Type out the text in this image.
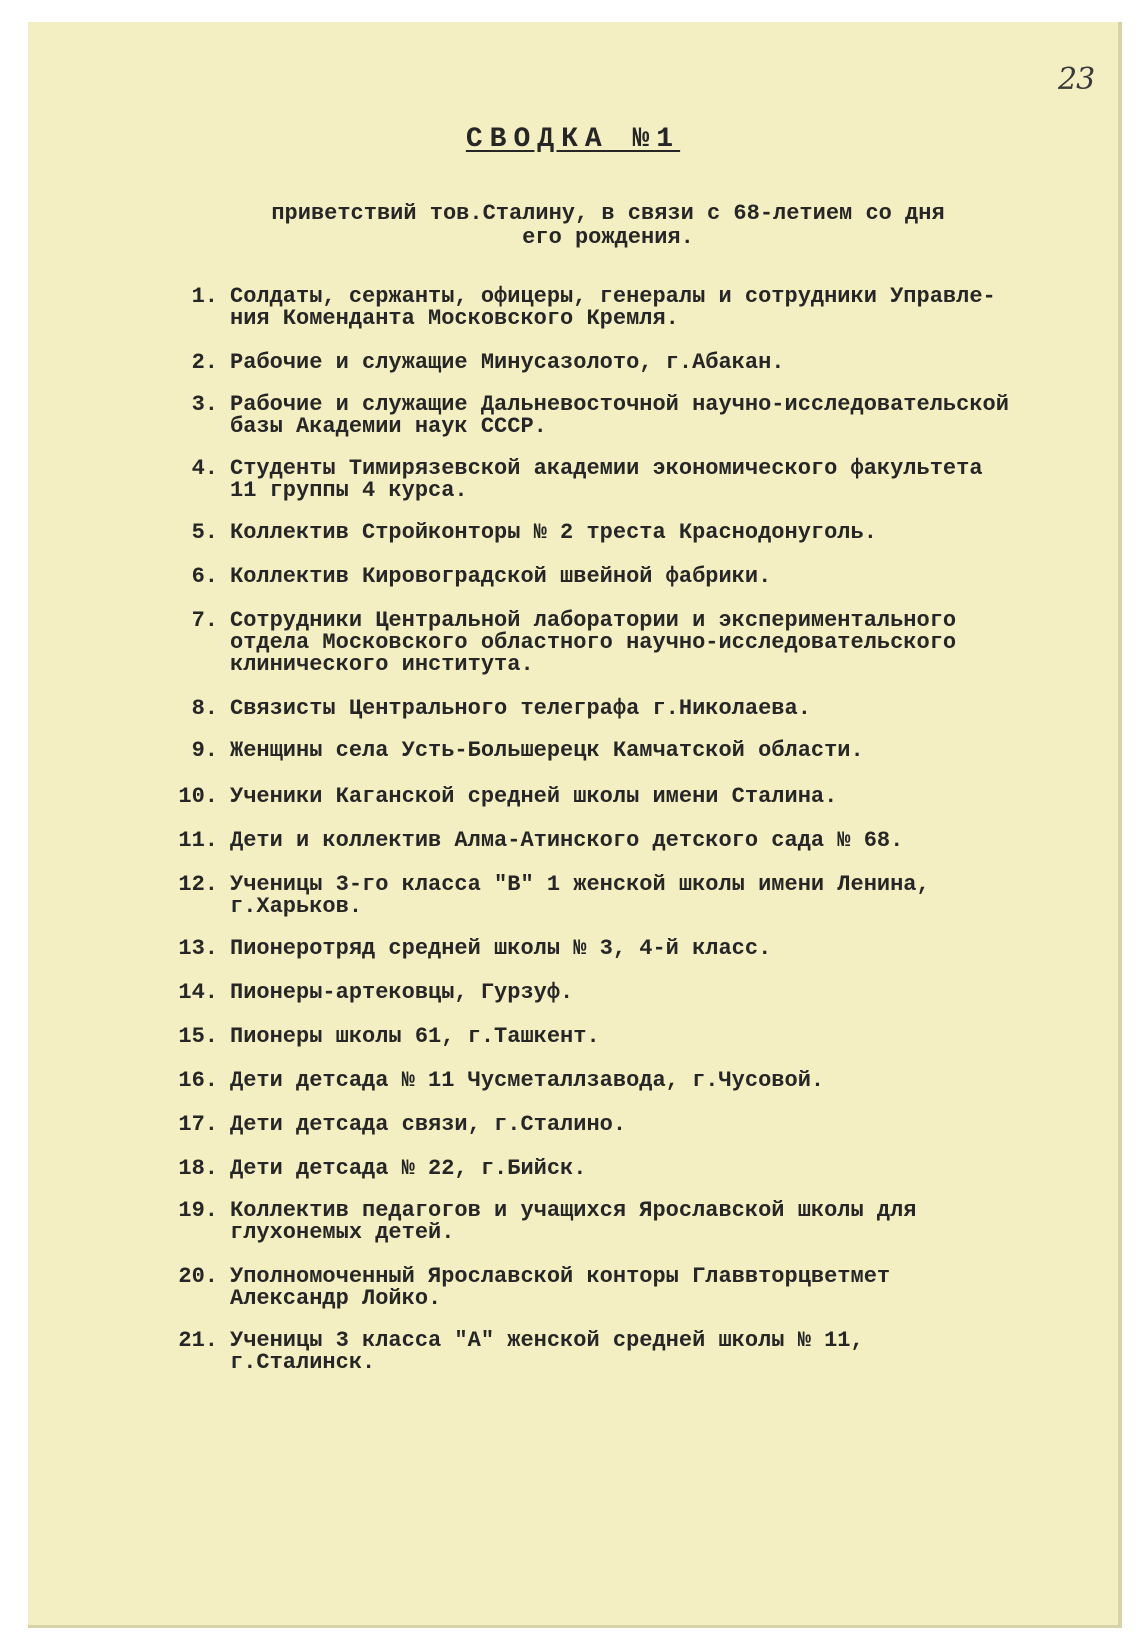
23
СВОДКА №1
приветствий тов.Сталину, в связи с 68-летием со дня
его рождения.
1. Солдаты, сержанты, офицеры, генералы и сотрудники Управле-
ния Коменданта Московского Кремля.
2. Рабочие и служащие Минусазолото, г.Абакан.
3. Рабочие и служащие Дальневосточной научно-исследовательской
базы Академии наук СССР.
4. Студенты Тимирязевской академии экономического факультета
11 группы 4 курса.
5. Коллектив Стройконторы № 2 треста Краснодонуголь.
6. Коллектив Кировоградской швейной фабрики.
7. Сотрудники Центральной лаборатории и экспериментального
отдела Московского областного научно-исследовательского
клинического института.
8. Связисты Центрального телеграфа г.Николаева.
9. Женщины села Усть-Большерецк Камчатской области.
10. Ученики Каганской средней школы имени Сталина.
11. Дети и коллектив Алма-Атинского детского сада № 68.
12. Ученицы 3-го класса "В" 1 женской школы имени Ленина,
г.Харьков.
13. Пионеротряд средней школы № 3, 4-й класс.
14. Пионеры-артековцы, Гурзуф.
15. Пионеры школы 61, г.Ташкент.
16. Дети детсада № 11 Чусметаллзавода, г.Чусовой.
17. Дети детсада связи, г.Сталино.
18. Дети детсада № 22, г.Бийск.
19. Коллектив педагогов и учащихся Ярославской школы для
глухонемых детей.
20. Уполномоченный Ярославской конторы Главвторцветмет
Александр Лойко.
21. Ученицы 3 класса "А" женской средней школы № 11,
г.Сталинск.
